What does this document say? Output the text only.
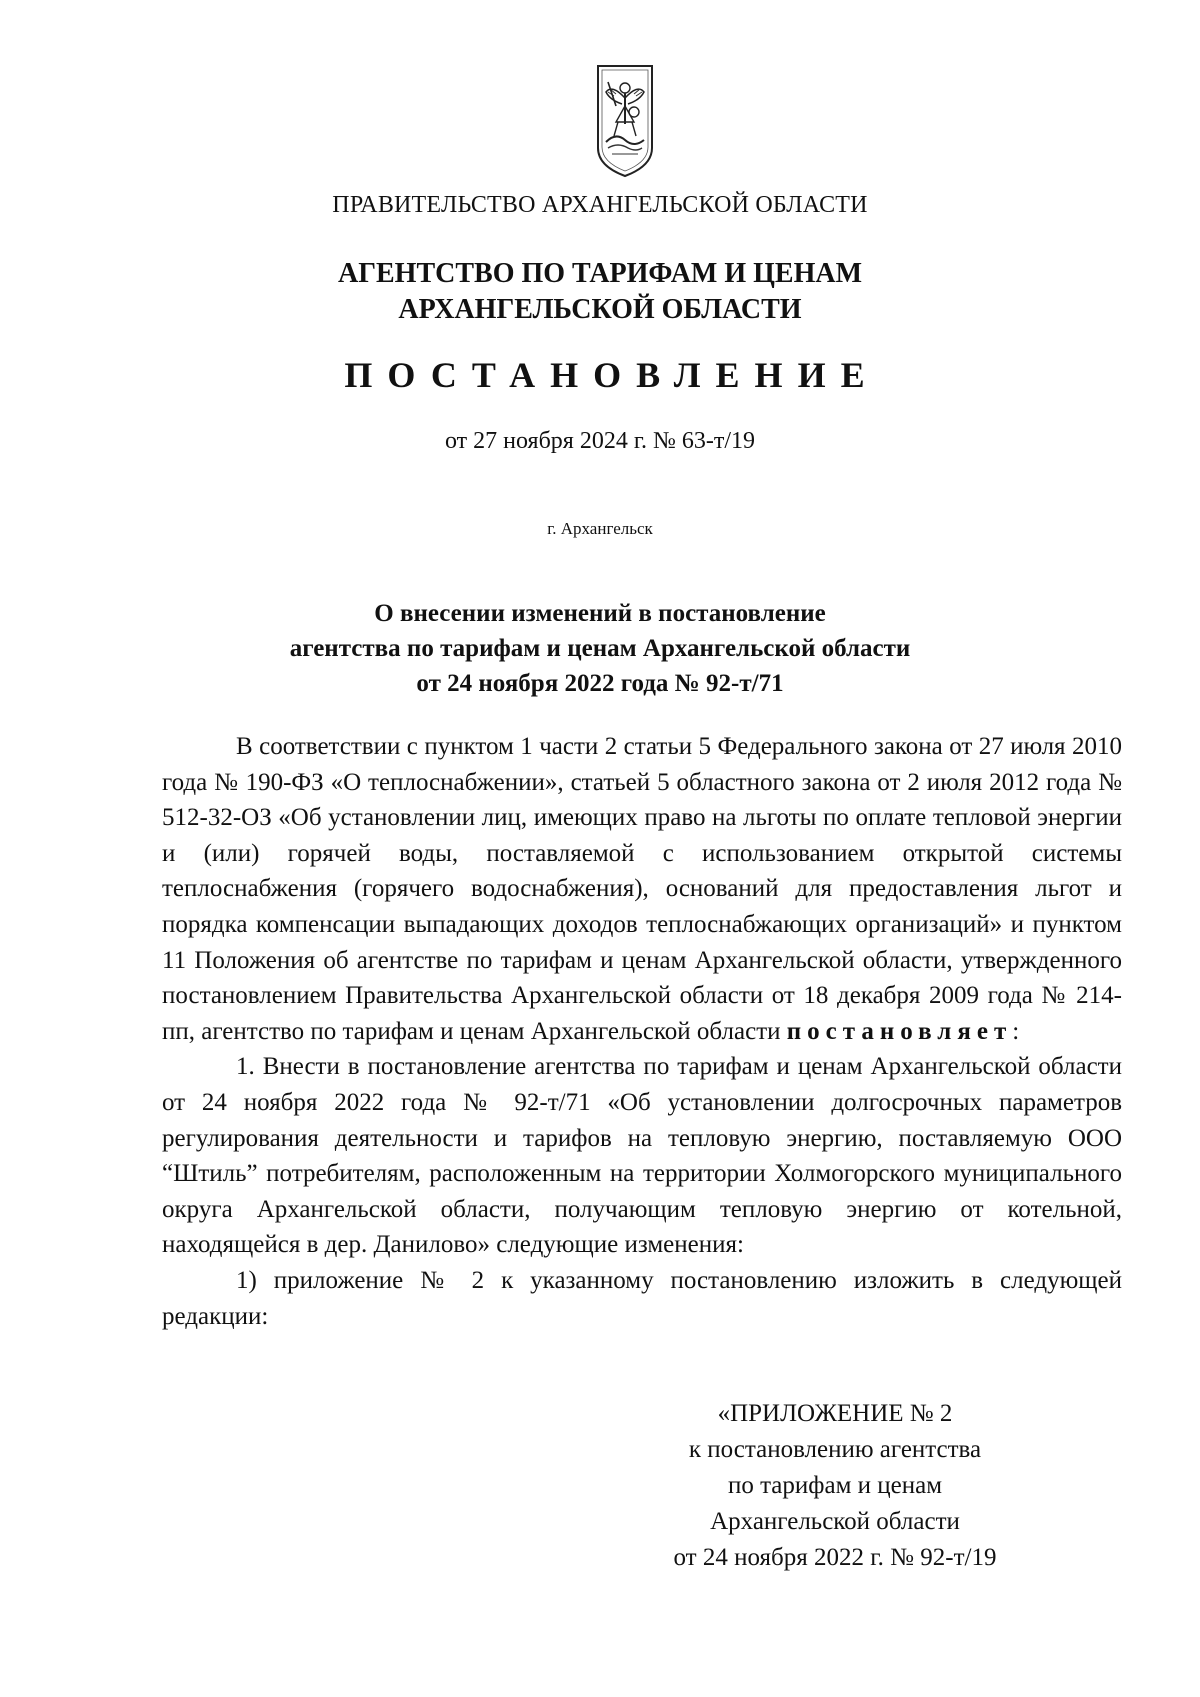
ПРАВИТЕЛЬСТВО АРХАНГЕЛЬСКОЙ ОБЛАСТИ
АГЕНТСТВО ПО ТАРИФАМ И ЦЕНАМ
АРХАНГЕЛЬСКОЙ ОБЛАСТИ
ПОСТАНОВЛЕНИЕ
от 27 ноября 2024 г. № 63-т/19
г. Архангельск
О внесении изменений в постановление
агентства по тарифам и ценам Архангельской области
от 24 ноября 2022 года № 92-т/71

В соответствии с пунктом 1 части 2 статьи 5 Федерального закона от 27 июля 2010 года № 190-ФЗ «О теплоснабжении», статьей 5 областного закона от 2 июля 2012 года № 512-32-ОЗ «Об установлении лиц, имеющих право на льготы по оплате тепловой энергии и (или) горячей воды, поставляемой с использованием открытой системы теплоснабжения (горячего водоснабжения), оснований для предоставления льгот и порядка компенсации выпадающих доходов теплоснабжающих организаций» и пунктом 11 Положения об агентстве по тарифам и ценам Архангельской области, утвержденного постановлением Правительства Архангельской области от 18 декабря 2009 года № 214-пп, агентство по тарифам и ценам Архангельской области постановляет:

1. Внести в постановление агентства по тарифам и ценам Архангельской области от 24 ноября 2022 года № 92-т/71 «Об установлении долгосрочных параметров регулирования деятельности и тарифов на тепловую энергию, поставляемую ООО “Штиль” потребителям, расположенным на территории Холмогорского муниципального округа Архангельской области, получающим тепловую энергию от котельной, находящейся в дер. Данилово» следующие изменения:

1) приложение № 2 к указанному постановлению изложить в следующей редакции:

«ПРИЛОЖЕНИЕ № 2
к постановлению агентства
по тарифам и ценам
Архангельской области
от 24 ноября 2022 г. № 92-т/19
